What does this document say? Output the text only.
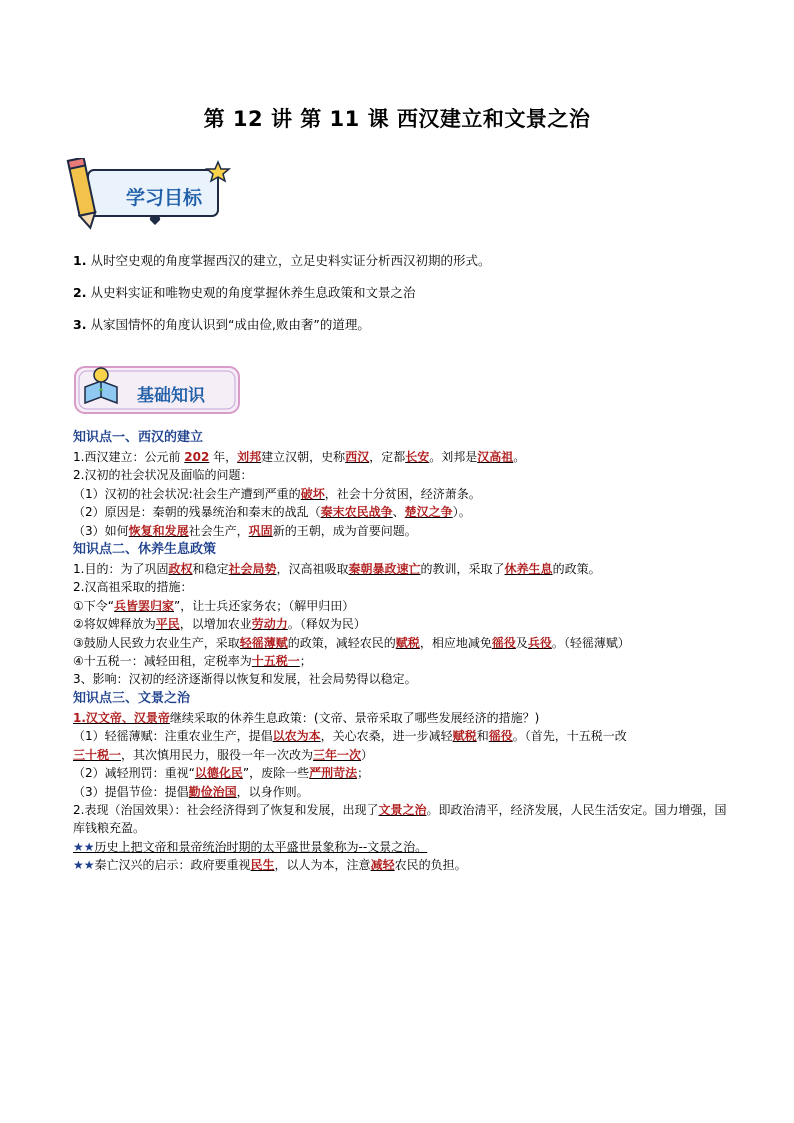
第 12 讲 第 11 课 西汉建立和文景之治
学习目标
1. 从时空史观的角度掌握西汉的建立，立足史料实证分析西汉初期的形式。
2. 从史料实证和唯物史观的角度掌握休养生息政策和文景之治
3. 从家国情怀的角度认识到“成由俭,败由奢”的道理。
基础知识
知识点一、西汉的建立
1.西汉建立：公元前 202 年，刘邦建立汉朝，史称西汉，定都长安。刘邦是汉高祖。
2.汉初的社会状况及面临的问题：
（1）汉初的社会状况:社会生产遭到严重的破坏，社会十分贫困，经济萧条。
（2）原因是：秦朝的残暴统治和秦末的战乱（秦末农民战争、楚汉之争）。
（3）如何恢复和发展社会生产，巩固新的王朝，成为首要问题。
知识点二、休养生息政策
1.目的：为了巩固政权和稳定社会局势，汉高祖吸取秦朝暴政速亡的教训，采取了休养生息的政策。
2.汉高祖采取的措施：
①下令“兵皆罢归家”，让士兵还家务农；（解甲归田）
②将奴婢释放为平民，以增加农业劳动力。（释奴为民）
③鼓励人民致力农业生产，采取轻徭薄赋的政策，减轻农民的赋税，相应地减免徭役及兵役。（轻徭薄赋）
④十五税一：减轻田租，定税率为十五税一；
3、影响：汉初的经济逐渐得以恢复和发展，社会局势得以稳定。
知识点三、文景之治
1.汉文帝、汉景帝继续采取的休养生息政策：(文帝、景帝采取了哪些发展经济的措施？)
（1）轻徭薄赋：注重农业生产，提倡以农为本，关心农桑，进一步减轻赋税和徭役。（首先，十五税一改
三十税一，其次慎用民力，服役一年一次改为三年一次）
（2）减轻刑罚：重视“以德化民”，废除一些严刑苛法；
（3）提倡节俭：提倡勤俭治国，以身作则。
2.表现（治国效果）：社会经济得到了恢复和发展，出现了文景之治。即政治清平，经济发展，人民生活安定。国力增强，国库钱粮充盈。
★★历史上把文帝和景帝统治时期的太平盛世景象称为--文景之治。
★★秦亡汉兴的启示：政府要重视民生，以人为本，注意减轻农民的负担。
